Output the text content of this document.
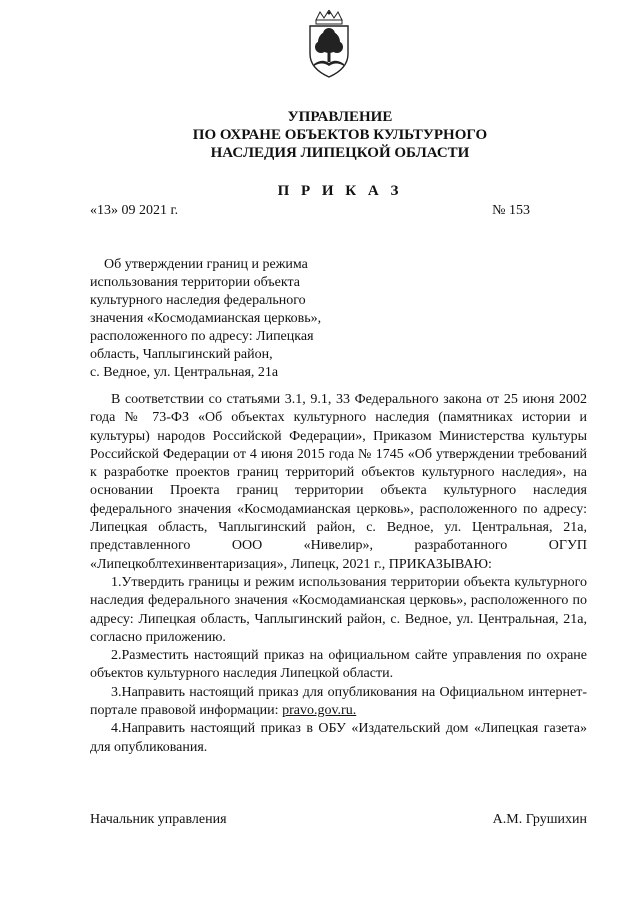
УПРАВЛЕНИЕ
ПО ОХРАНЕ ОБЪЕКТОВ КУЛЬТУРНОГО
НАСЛЕДИЯ ЛИПЕЦКОЙ ОБЛАСТИ
П Р И К А З
«13» 09 2021 г.	№ 153
Об утверждении границ и режима
использования территории объекта
культурного наследия федерального
значения «Космодамианская церковь»,
расположенного по адресу: Липецкая
область, Чаплыгинский район,
с. Ведное, ул. Центральная, 21а

В соответствии со статьями 3.1, 9.1, 33 Федерального закона от 25 июня 2002 года № 73-ФЗ «Об объектах культурного наследия (памятниках истории и культуры) народов Российской Федерации», Приказом Министерства культуры Российской Федерации от 4 июня 2015 года № 1745 «Об утверждении требований к разработке проектов границ территорий объектов культурного наследия», на основании Проекта границ территории объекта культурного наследия федерального значения «Космодамианская церковь», расположенного по адресу: Липецкая область, Чаплыгинский район, с. Ведное, ул. Центральная, 21а, представленного ООО «Нивелир», разработанного ОГУП «Липецкоблтехинвентаризация», Липецк, 2021 г., ПРИКАЗЫВАЮ:

1.Утвердить границы и режим использования территории объекта культурного наследия федерального значения «Космодамианская церковь», расположенного по адресу: Липецкая область, Чаплыгинский район, с. Ведное, ул. Центральная, 21а, согласно приложению.

2.Разместить настоящий приказ на официальном сайте управления по охране объектов культурного наследия Липецкой области.

3.Направить настоящий приказ для опубликования на Официальном интернет-портале правовой информации: pravo.gov.ru.

4.Направить настоящий приказ в ОБУ «Издательский дом «Липецкая газета» для опубликования.

Начальник управления	А.М. Грушихин
